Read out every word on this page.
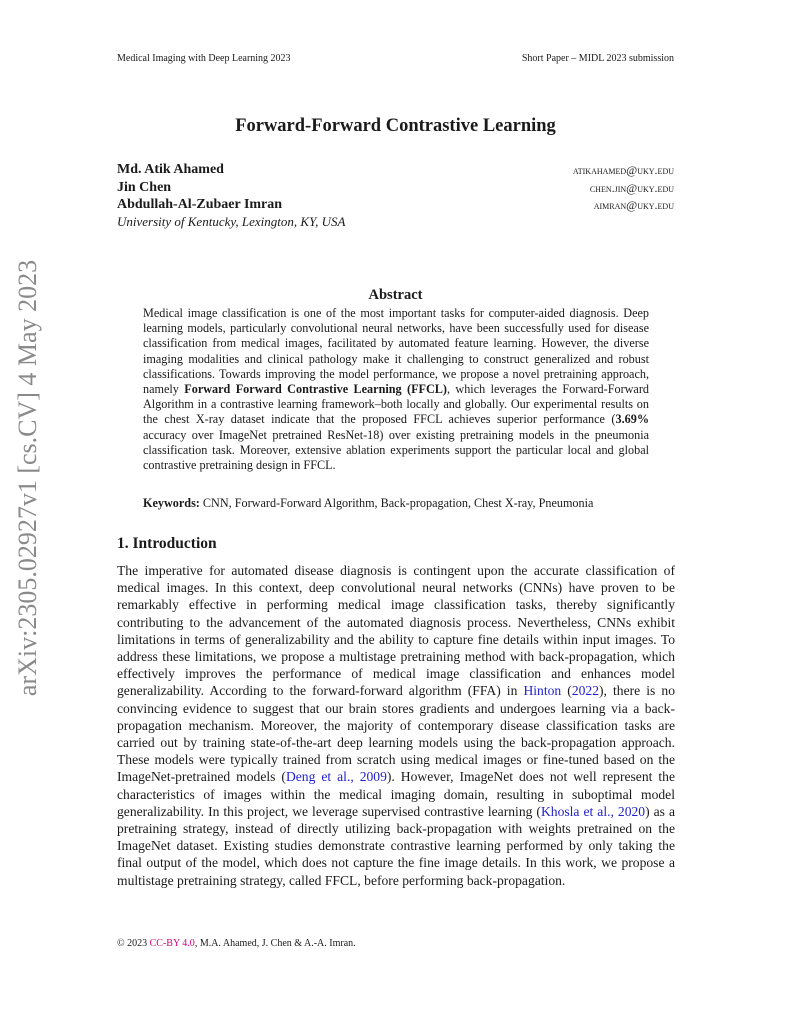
Medical Imaging with Deep Learning 2023	Short Paper – MIDL 2023 submission
Forward-Forward Contrastive Learning
Md. Atik Ahamed	atikahamed@uky.edu
Jin Chen	chen.jin@uky.edu
Abdullah-Al-Zubaer Imran	aimran@uky.edu
University of Kentucky, Lexington, KY, USA
arXiv:2305.02927v1 [cs.CV] 4 May 2023	Abstract
Medical image classification is one of the most important tasks for computer-aided diagnosis. Deep learning models, particularly convolutional neural networks, have been successfully used for disease classification from medical images, facilitated by automated feature learning. However, the diverse imaging modalities and clinical pathology make it challenging to construct generalized and robust classifications. Towards improving the model performance, we propose a novel pretraining approach, namely Forward Forward Contrastive Learning (FFCL), which leverages the Forward-Forward Algorithm in a contrastive learning framework–both locally and globally. Our experimental results on the chest X-ray dataset indicate that the proposed FFCL achieves superior performance (3.69% accuracy over ImageNet pretrained ResNet-18) over existing pretraining models in the pneumonia classification task. Moreover, extensive ablation experiments support the particular local and global contrastive pretraining design in FFCL.
Keywords: CNN, Forward-Forward Algorithm, Back-propagation, Chest X-ray, Pneumonia
1. Introduction
The imperative for automated disease diagnosis is contingent upon the accurate classification of medical images. In this context, deep convolutional neural networks (CNNs) have proven to be remarkably effective in performing medical image classification tasks, thereby significantly contributing to the advancement of the automated diagnosis process. Nevertheless, CNNs exhibit limitations in terms of generalizability and the ability to capture fine details within input images. To address these limitations, we propose a multistage pretraining method with back-propagation, which effectively improves the performance of medical image classification and enhances model generalizability. According to the forward-forward algorithm (FFA) in Hinton (2022), there is no convincing evidence to suggest that our brain stores gradients and undergoes learning via a back-propagation mechanism. Moreover, the majority of contemporary disease classification tasks are carried out by training state-of-the-art deep learning models using the back-propagation approach. These models were typically trained from scratch using medical images or fine-tuned based on the ImageNet-pretrained models (Deng et al., 2009). However, ImageNet does not well represent the characteristics of images within the medical imaging domain, resulting in suboptimal model generalizability. In this project, we leverage supervised contrastive learning (Khosla et al., 2020) as a pretraining strategy, instead of directly utilizing back-propagation with weights pretrained on the ImageNet dataset. Existing studies demonstrate contrastive learning performed by only taking the final output of the model, which does not capture the fine image details. In this work, we propose a multistage pretraining strategy, called FFCL, before performing back-propagation.
© 2023 CC-BY 4.0, M.A. Ahamed, J. Chen & A.-A. Imran.
